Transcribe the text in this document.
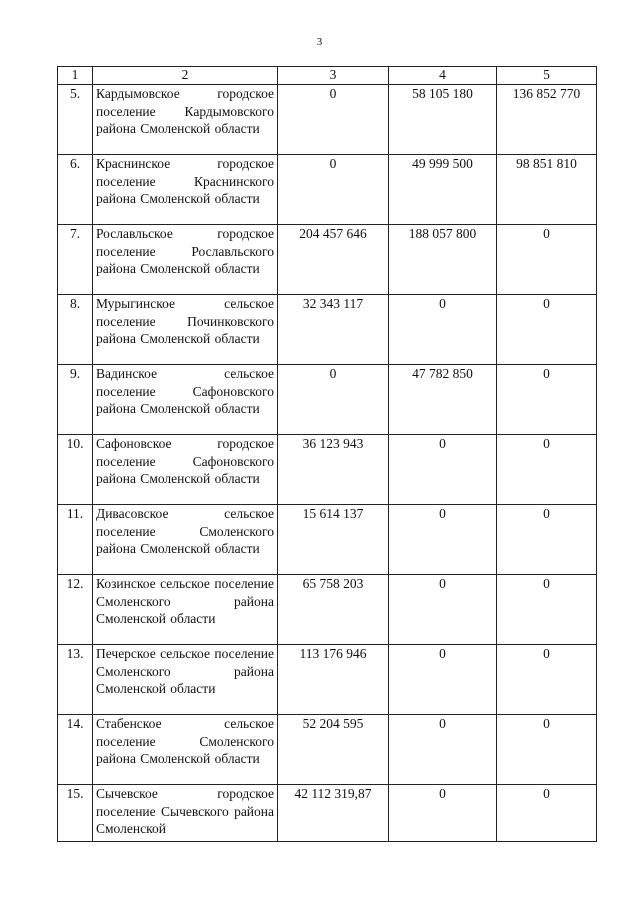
3
1	2	3	4	5
5.	Кардымовское городское поселение Кардымовского района Смоленской области	0	58 105 180	136 852 770
6.	Краснинское городское поселение Краснинского района Смоленской области	0	49 999 500	98 851 810
7.	Рославльское городское поселение Рославльского района Смоленской области	204 457 646	188 057 800	0
8.	Мурыгинское сельское поселение Починковского района Смоленской области	32 343 117	0	0
9.	Вадинское сельское поселение Сафоновского района Смоленской области	0	47 782 850	0
10.	Сафоновское городское поселение Сафоновского района Смоленской области	36 123 943	0	0
11.	Дивасовское сельское поселение Смоленского района Смоленской области	15 614 137	0	0
12.	Козинское сельское поселение Смоленского района Смоленской области	65 758 203	0	0
13.	Печерское сельское поселение Смоленского района Смоленской области	113 176 946	0	0
14.	Стабенское сельское поселение Смоленского района Смоленской области	52 204 595	0	0
15.	Сычевское городское поселение Сычевского района Смоленской	42 112 319,87	0	0
